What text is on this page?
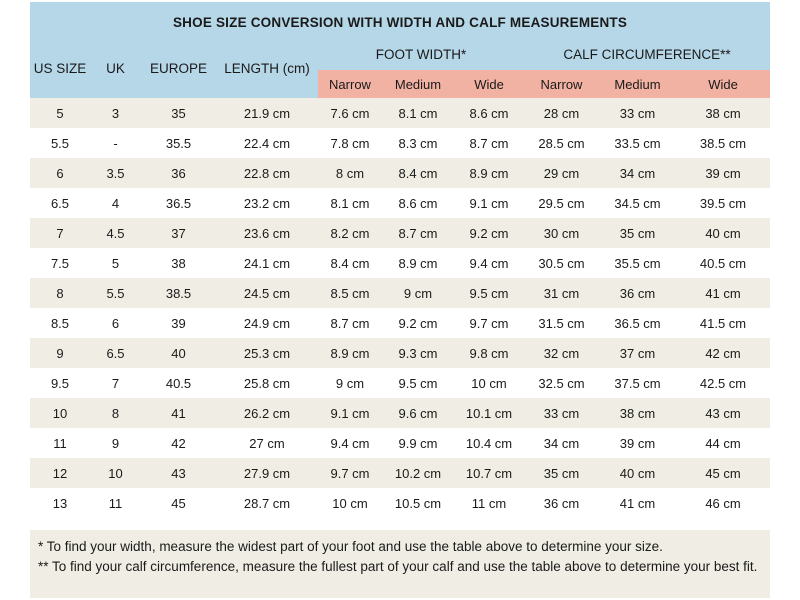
SHOE SIZE CONVERSION WITH WIDTH AND CALF MEASUREMENTS									
US SIZE	UK	EUROPE	LENGTH (cm)	FOOT WIDTH*			CALF CIRCUMFERENCE**		
				Narrow	Medium	Wide	Narrow	Medium	Wide
5	3	35	21.9 cm	7.6 cm	8.1 cm	8.6 cm	28 cm	33 cm	38 cm
5.5	-	35.5	22.4 cm	7.8 cm	8.3 cm	8.7 cm	28.5 cm	33.5 cm	38.5 cm
6	3.5	36	22.8 cm	8 cm	8.4 cm	8.9 cm	29 cm	34 cm	39 cm
6.5	4	36.5	23.2 cm	8.1 cm	8.6 cm	9.1 cm	29.5 cm	34.5 cm	39.5 cm
7	4.5	37	23.6 cm	8.2 cm	8.7 cm	9.2 cm	30 cm	35 cm	40 cm
7.5	5	38	24.1 cm	8.4 cm	8.9 cm	9.4 cm	30.5 cm	35.5 cm	40.5 cm
8	5.5	38.5	24.5 cm	8.5 cm	9 cm	9.5 cm	31 cm	36 cm	41 cm
8.5	6	39	24.9 cm	8.7 cm	9.2 cm	9.7 cm	31.5 cm	36.5 cm	41.5 cm
9	6.5	40	25.3 cm	8.9 cm	9.3 cm	9.8 cm	32 cm	37 cm	42 cm
9.5	7	40.5	25.8 cm	9 cm	9.5 cm	10 cm	32.5 cm	37.5 cm	42.5 cm
10	8	41	26.2 cm	9.1 cm	9.6 cm	10.1 cm	33 cm	38 cm	43 cm
11	9	42	27 cm	9.4 cm	9.9 cm	10.4 cm	34 cm	39 cm	44 cm
12	10	43	27.9 cm	9.7 cm	10.2 cm	10.7 cm	35 cm	40 cm	45 cm
13	11	45	28.7 cm	10 cm	10.5 cm	11 cm	36 cm	41 cm	46 cm

* To find your width, measure the widest part of your foot and use the table above to determine your size.

** To find your calf circumference, measure the fullest part of your calf and use the table above to determine your best fit.
